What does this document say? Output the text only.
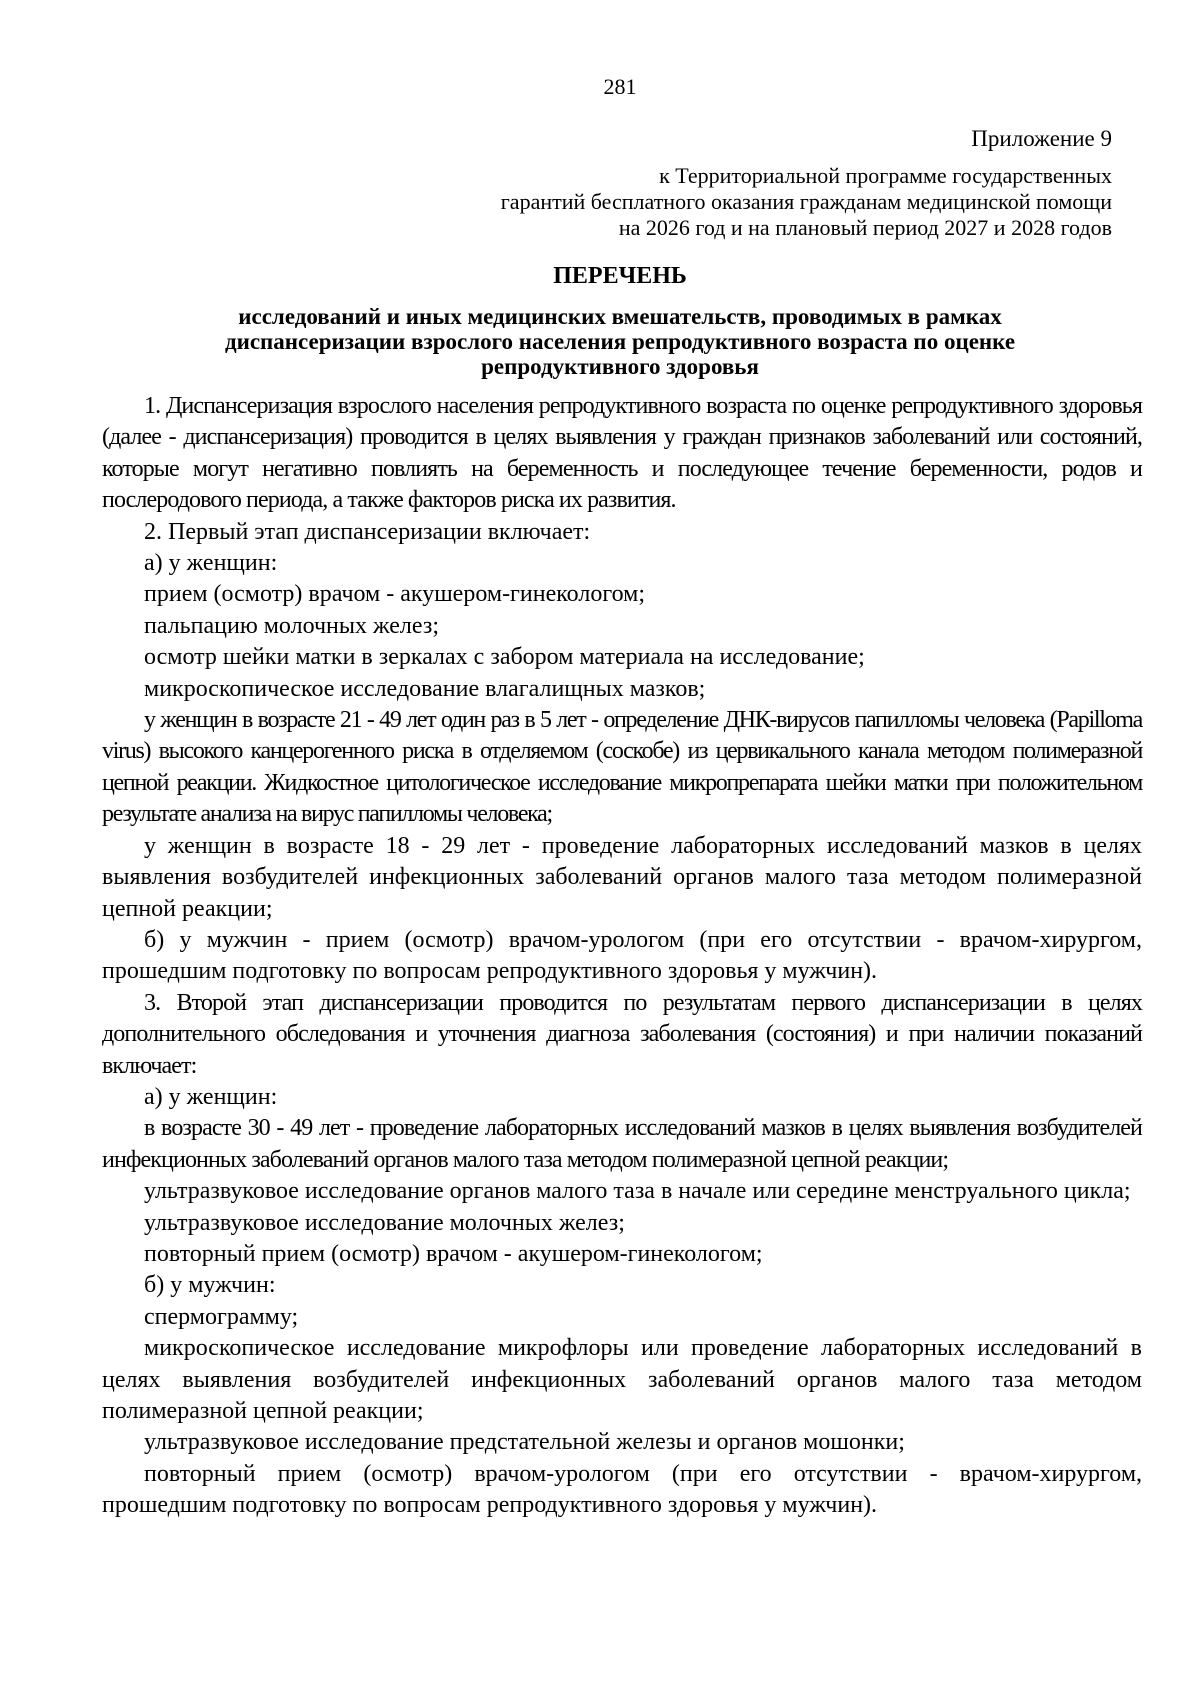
281
Приложение 9
к Территориальной программе государственных
гарантий бесплатного оказания гражданам медицинской помощи
на 2026 год и на плановый период 2027 и 2028 годов
ПЕРЕЧЕНЬ
исследований и иных медицинских вмешательств, проводимых в рамках
диспансеризации взрослого населения репродуктивного возраста по оценке
репродуктивного здоровья

1. Диспансеризация взрослого населения репродуктивного возраста по оценке репродуктивного здоровья (далее - диспансеризация) проводится в целях выявления у граждан признаков заболеваний или состояний, которые могут негативно повлиять на беременность и последующее течение беременности, родов и послеродового периода, а также факторов риска их развития.

2. Первый этап диспансеризации включает:

а) у женщин:

прием (осмотр) врачом - акушером-гинекологом;

пальпацию молочных желез;

осмотр шейки матки в зеркалах с забором материала на исследование;

микроскопическое исследование влагалищных мазков;

у женщин в возрасте 21 - 49 лет один раз в 5 лет - определение ДНК-вирусов папилломы человека (Papilloma virus) высокого канцерогенного риска в отделяемом (соскобе) из цервикального канала методом полимеразной цепной реакции. Жидкостное цитологическое исследование микропрепарата шейки матки при положительном результате анализа на вирус папилломы человека;

у женщин в возрасте 18 - 29 лет - проведение лабораторных исследований мазков в целях выявления возбудителей инфекционных заболеваний органов малого таза методом полимеразной цепной реакции;

б) у мужчин - прием (осмотр) врачом-урологом (при его отсутствии - врачом-хирургом, прошедшим подготовку по вопросам репродуктивного здоровья у мужчин).

3. Второй этап диспансеризации проводится по результатам первого диспансеризации в целях дополнительного обследования и уточнения диагноза заболевания (состояния) и при наличии показаний включает:

а) у женщин:

в возрасте 30 - 49 лет - проведение лабораторных исследований мазков в целях выявления возбудителей инфекционных заболеваний органов малого таза методом полимеразной цепной реакции;

ультразвуковое исследование органов малого таза в начале или середине менструального цикла;

ультразвуковое исследование молочных желез;

повторный прием (осмотр) врачом - акушером-гинекологом;

б) у мужчин:

спермограмму;

микроскопическое исследование микрофлоры или проведение лабораторных исследований в целях выявления возбудителей инфекционных заболеваний органов малого таза методом полимеразной цепной реакции;

ультразвуковое исследование предстательной железы и органов мошонки;

повторный прием (осмотр) врачом-урологом (при его отсутствии - врачом-хирургом, прошедшим подготовку по вопросам репродуктивного здоровья у мужчин).
